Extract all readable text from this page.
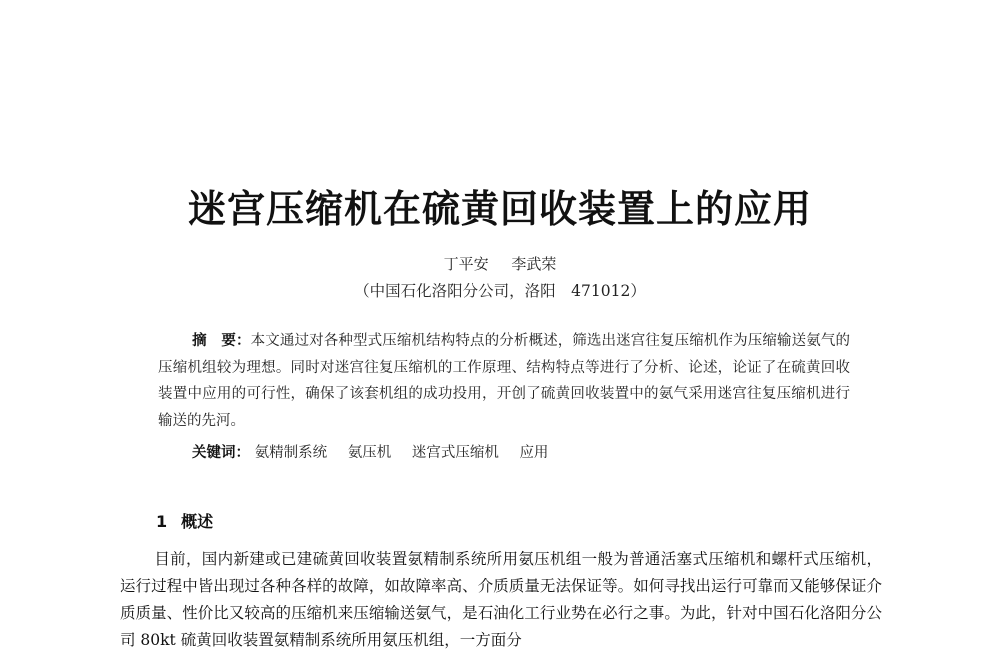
迷宫压缩机在硫黄回收装置上的应用
丁平安 李武荣
（中国石化洛阳分公司，洛阳　471012）
摘　要：本文通过对各种型式压缩机结构特点的分析概述，筛选出迷宫往复压缩机作为压缩输送氨气的压缩机组较为理想。同时对迷宫往复压缩机的工作原理、结构特点等进行了分析、论述，论证了在硫黄回收装置中应用的可行性，确保了该套机组的成功投用，开创了硫黄回收装置中的氨气采用迷宫往复压缩机进行输送的先河。
关键词： 氨精制系统 氨压机 迷宫式压缩机 应用
1 概述
目前，国内新建或已建硫黄回收装置氨精制系统所用氨压机组一般为普通活塞式压缩机和螺杆式压缩机，运行过程中皆出现过各种各样的故障，如故障率高、介质质量无法保证等。如何寻找出运行可靠而又能够保证介质质量、性价比又较高的压缩机来压缩输送氨气，是石油化工行业势在必行之事。为此，针对中国石化洛阳分公司 80kt 硫黄回收装置氨精制系统所用氨压机组，一方面分
